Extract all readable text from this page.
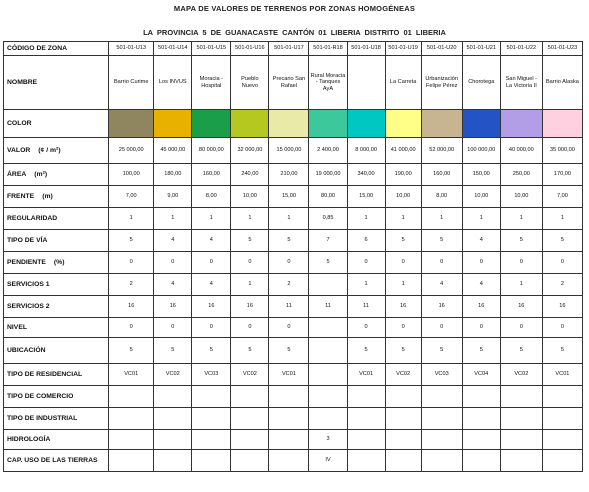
MAPA DE VALORES DE TERRENOS POR ZONAS HOMOGÉNEAS
LA PROVINCIA 5 DE GUANACASTE CANTÓN 01 LIBERIA DISTRITO 01 LIBERIA
CÓDIGO DE ZONA	501-01-U13	501-01-U14	501-01-U15	501-01-U16	501-01-U17	501-01-R18	501-01-U18	501-01-U19	501-01-U20	501-01-U21	501-01-U22	501-01-U23
NOMBRE	Barrio Curime	Los INVUS	Moracia - Hospital	Pueblo Nuevo	Precario San Rafael	Rural Moracia - Tanques AyA		La Carreta	Urbanización Felipe Pérez	Chorotega	San Miguel - La Victoria II	Barrio Alaska
COLOR	

VALOR (¢ / m²)	25 000,00	45 000,00	80 000,00	32 000,00	15 000,00	2 400,00	8 000,00	41 000,00	52 000,00	100 000,00	40 000,00	35 000,00
ÁREA (m²)	100,00	180,00	160,00	240,00	210,00	19 000,00	340,00	190,00	160,00	150,00	250,00	170,00
FRENTE (m)	7,00	9,00	8,00	10,00	15,00	80,00	15,00	10,00	8,00	10,00	10,00	7,00
REGULARIDAD	1	1	1	1	1	0,85	1	1	1	1	1	1
TIPO DE VÍA	5	4	4	5	5	7	6	5	5	4	5	5
PENDIENTE (%)	0	0	0	0	0	5	0	0	0	0	0	0
SERVICIOS 1	2	4	4	1	2		1	1	4	4	1	2
SERVICIOS 2	16	16	16	16	11	11	11	16	16	16	16	16
NIVEL	0	0	0	0	0		0	0	0	0	0	0
UBICACIÓN	5	5	5	5	5		5	5	5	5	5	5
TIPO DE RESIDENCIAL	VC01	VC02	VC03	VC02	VC01		VC01	VC02	VC03	VC04	VC02	VC01
TIPO DE COMERCIO												
TIPO DE INDUSTRIAL												
HIDROLOGÍA						3						
CAP. USO DE LAS TIERRAS						IV						
